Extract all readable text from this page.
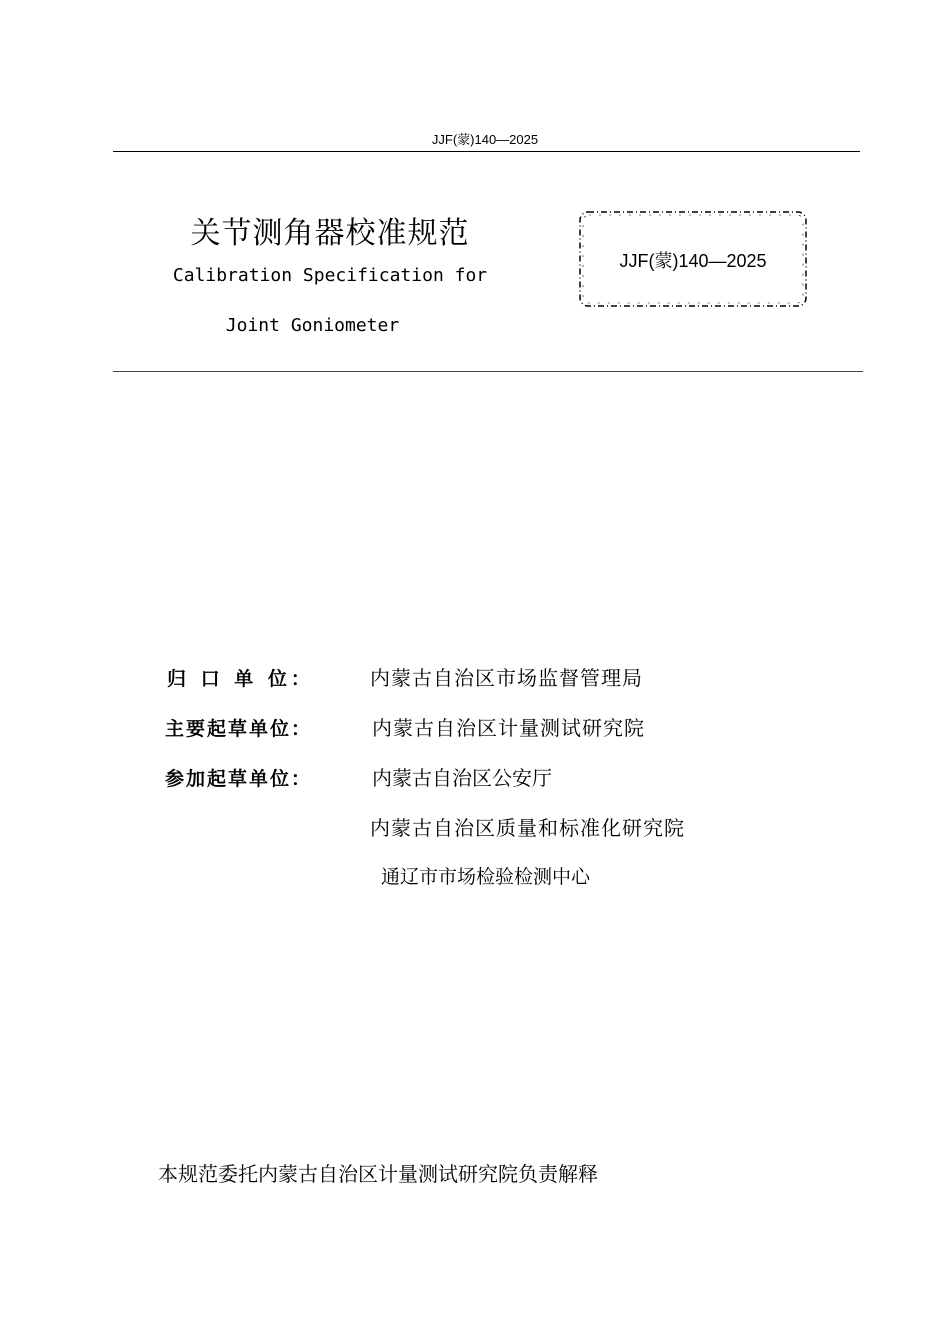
JJF(蒙)140—2025
关节测角器校准规范
Calibration Specification for
Joint Goniometer
JJF(蒙)140—2025
归 口 单 位：	内蒙古自治区市场监督管理局
主要起草单位：	内蒙古自治区计量测试研究院
参加起草单位：	内蒙古自治区公安厅
内蒙古自治区质量和标准化研究院
通辽市市场检验检测中心
本规范委托内蒙古自治区计量测试研究院负责解释
